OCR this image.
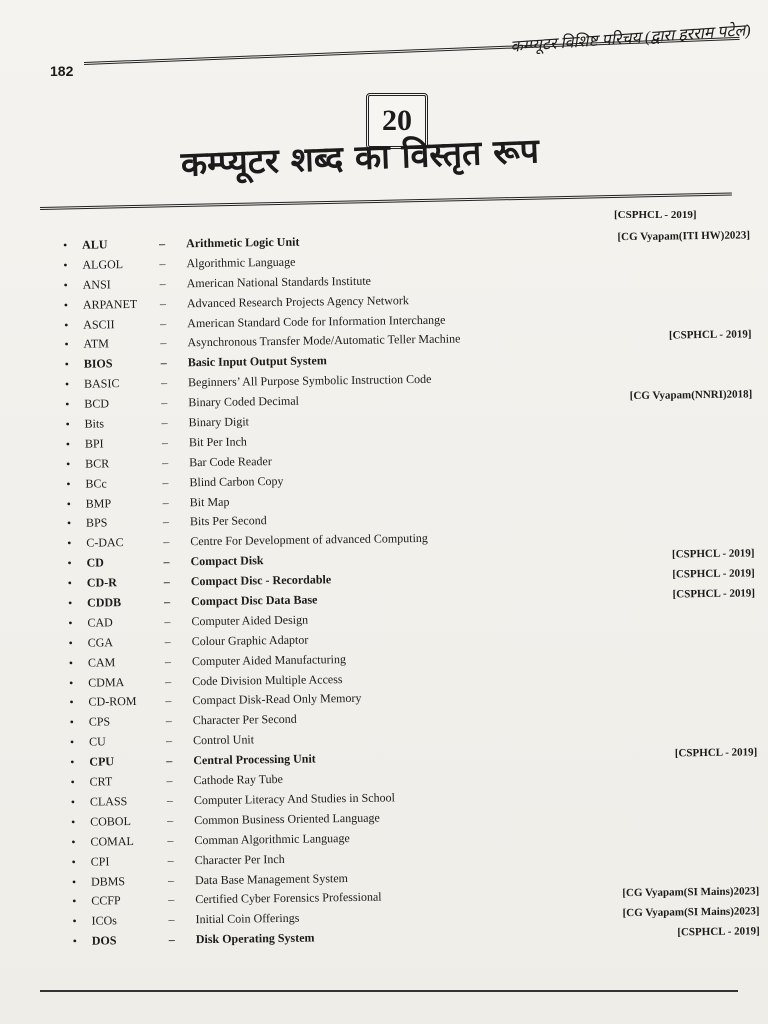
कम्प्यूटर विशिष्ट परिचय (द्वारा हरराम पटेल)
182
20
कम्प्यूटर शब्द का विस्तृत रूप
[CSPHCL - 2019]
• ALU	–	Arithmetic Logic Unit	[CG Vyapam(ITI HW)2023]
• ALGOL	–	Algorithmic Language
• ANSI	–	American National Standards Institute
• ARPANET	–	Advanced Research Projects Agency Network
• ASCII	–	American Standard Code for Information Interchange
• ATM	–	Asynchronous Transfer Mode/Automatic Teller Machine	[CSPHCL - 2019]
• BIOS	–	Basic Input Output System
• BASIC	–	Beginners’ All Purpose Symbolic Instruction Code
• BCD	–	Binary Coded Decimal	[CG Vyapam(NNRI)2018]
• Bits	–	Binary Digit
• BPI	–	Bit Per Inch
• BCR	–	Bar Code Reader
• BCc	–	Blind Carbon Copy
• BMP	–	Bit Map
• BPS	–	Bits Per Second
• C-DAC	–	Centre For Development of advanced Computing
• CD	–	Compact Disk	[CSPHCL - 2019]
• CD-R	–	Compact Disc - Recordable	[CSPHCL - 2019]
• CDDB	–	Compact Disc Data Base	[CSPHCL - 2019]
• CAD	–	Computer Aided Design
• CGA	–	Colour Graphic Adaptor
• CAM	–	Computer Aided Manufacturing
• CDMA	–	Code Division Multiple Access
• CD-ROM	–	Compact Disk-Read Only Memory
• CPS	–	Character Per Second
• CU	–	Control Unit
• CPU	–	Central Processing Unit	[CSPHCL - 2019]
• CRT	–	Cathode Ray Tube
• CLASS	–	Computer Literacy And Studies in School
• COBOL	–	Common Business Oriented Language
• COMAL	–	Comman Algorithmic Language
• CPI	–	Character Per Inch
• DBMS	–	Data Base Management System
• CCFP	–	Certified Cyber Forensics Professional	[CG Vyapam(SI Mains)2023]
• ICOs	–	Initial Coin Offerings	[CG Vyapam(SI Mains)2023]
• DOS	–	Disk Operating System	[CSPHCL - 2019]
